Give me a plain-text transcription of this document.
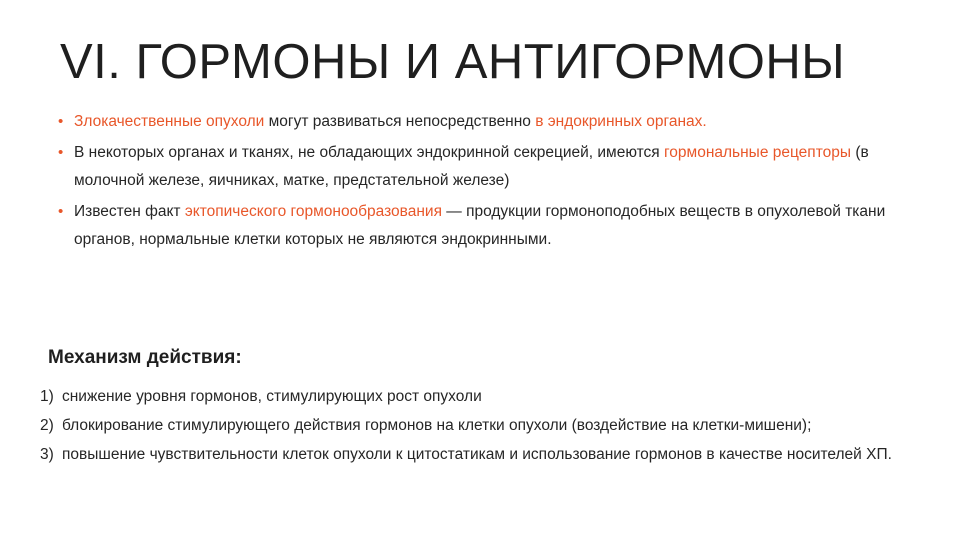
VI. ГОРМОНЫ И АНТИГОРМОНЫ
• Злокачественные опухоли могут развиваться непосредственно в эндокринных органах.
• В некоторых органах и тканях, не обладающих эндокринной секрецией, имеются гормональные рецепторы (в молочной железе, яичниках, матке, предстательной железе)
• Известен факт эктопического гормонообразования — продукции гормоноподобных веществ в опухолевой ткани органов, нормальные клетки которых не являются эндокринными.
Механизм действия:
1) снижение уровня гормонов, стимулирующих рост опухоли
2) блокирование стимулирующего действия гормонов на клетки опухоли (воздействие на клетки-мишени);
3) повышение чувствительности клеток опухоли к цитостатикам и использование гормонов в качестве носителей ХП.
